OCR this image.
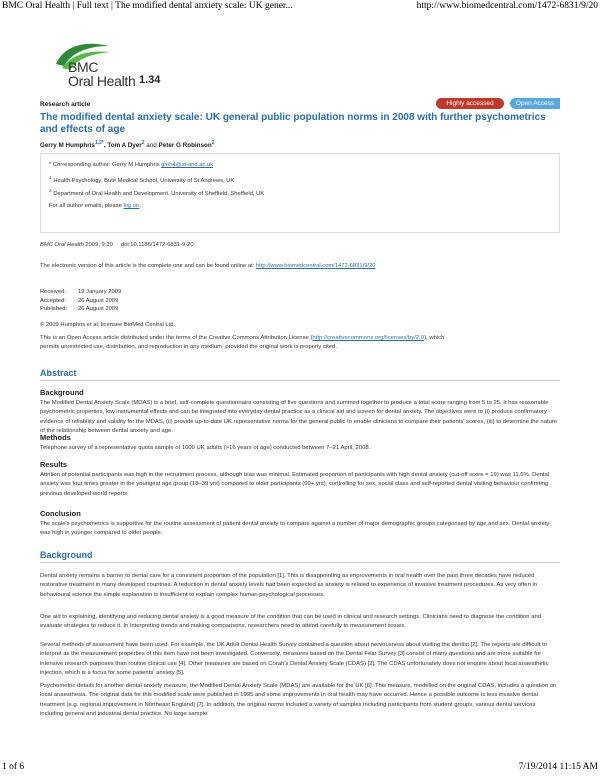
BMC Oral Health | Full text | The modified dental anxiety scale: UK gener...	http://www.biomedcentral.com/1472-6831/9/20
BMC
Oral Health 1.34
Research article	Highly accessed	Open Access
The modified dental anxiety scale: UK general public population norms in 2008 with further psychometrics and effects of age
Gerry M Humphris$^{1,2*}$, Tom A Dyer$^2$ and Peter G Robinson$^2$
* Corresponding author: Gerry M Humphris gmh4@st-and.ac.uk
$^1$ Health Psychology, Bute Medical School, University of St Andrews, UK
$^2$ Department of Oral Health and Development, University of Sheffield, Sheffield, UK
For all author emails, please log on.
BMC Oral Health 2009, 9:20 doi:10.1186/1472-6831-9-20
The electronic version of this article is the complete one and can be found online at: http://www.biomedcentral.com/1472-6831/9/20
Received: 19 January 2009
Accepted: 26 August 2009
Published: 26 August 2009
© 2009 Humphris et al; licensee BioMed Central Ltd.
This is an Open Access article distributed under the terms of the Creative Commons Attribution License (http://creativecommons.org/licenses/by/2.0), which
permits unrestricted use, distribution, and reproduction in any medium, provided the original work is properly cited.
Abstract
Background
The Modified Dental Anxiety Scale (MDAS) is a brief, self-complete questionnaire consisting of five questions and summed together to produce a total score ranging from 5 to 25. It has reasonable psychometric properties, low instrumental effects and can be integrated into everyday dental practice as a clinical aid and screen for dental anxiety. The objectives were to (i) produce confirmatory evidence of reliability and validity for the MDAS, (ii) provide up-to-date UK representative norms for the general public to enable clinicians to compare their patients' scores, (iii) to determine the nature of the relationship between dental anxiety and age.
Methods
Telephone survey of a representative quota sample of 1000 UK adults (>16 years of age) conducted between 7–21 April, 2008.
Results
Attrition of potential participants was high in the recruitment process, although bias was minimal. Estimated proportion of participants with high dental anxiety (cut-off score = 19) was 11.6%. Dental anxiety was four times greater in the youngest age group (18–39 yrs) compared to older participants (60+ yrs), controlling for sex, social class and self-reported dental visiting behaviour confirming previous developed-world reports.
Conclusion
The scale's psychometrics is supportive for the routine assessment of patient dental anxiety to compare against a number of major demographic groups categorised by age and sex. Dental anxiety was high in younger compared to older people.
Background
Dental anxiety remains a barrier to dental care for a consistent proportion of the population [1]. This is disappointing as improvements in oral health over the past three decades have reduced restorative treatment in many developed countries. A reduction in dental anxiety levels had been expected as anxiety is related to experience of invasive treatment procedures. As very often in behavioural science the simple explanation is insufficient to explain complex human psychological processes.
One aid to explaining, identifying and reducing dental anxiety is a good measure of the condition that can be used in clinical and research settings. Clinicians need to diagnose the condition and evaluate strategies to reduce it. In interpreting trends and making comparisons, researchers need to attend carefully to measurement issues.
Several methods of assessment have been used. For example, the UK Adult Dental Health Survey contained a question about nervousness about visiting the dentist [2]. The reports are difficult to interpret as the measurement properties of this item have not been investigated. Conversely, measures based on the Dental Fear Survey [3] consist of many questions and are more suitable for intensive research purposes than routine clinical use [4]. Other measures are based on Corah's Dental Anxiety Scale (CDAS) [2]. The CDAS unfortunately does not enquire about local anaesthetic injection, which is a focus for some patients' anxiety [5].
Psychometric details for another dental anxiety measure, the Modified Dental Anxiety Scale (MDAS) are available for the UK [6]. This measure, modelled on the original CDAS, includes a question on local anaesthesia. The original data for this modified scale were published in 1995 and some improvements in oral health may have occurred. Hence a possible outcome is less invasive dental treatment (e.g. regional improvement in Northeast England) [7]. In addition, the original norms included a variety of samples including participants from student groups, various dental services including general and industrial dental practice. No large sample
1 of 6	7/19/2014 11:15 AM
